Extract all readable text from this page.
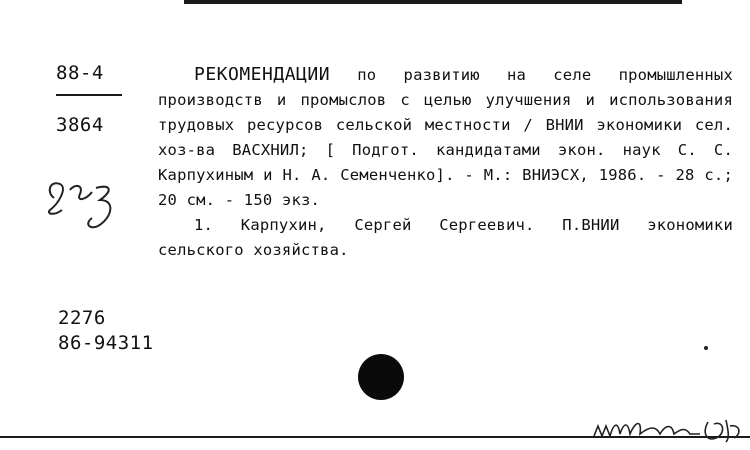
88-4
3864

РЕКОМЕНДАЦИИ по развитию на селе промышленных производств и промыслов с целью улучшения и использования трудовых ресурсов сельской местности / ВНИИ экономики сел. хоз-ва ВАСХНИЛ; [ Подгот. кандидатами экон. наук С. С. Карпухиным и Н. А. Семенченко]. - М.: ВНИЭСХ, 1986. - 28 с.; 20 см. - 150 экз.

1. Карпухин, Сергей Сергеевич. П.ВНИИ экономики сельского хозяйства.

2276
86-94311
